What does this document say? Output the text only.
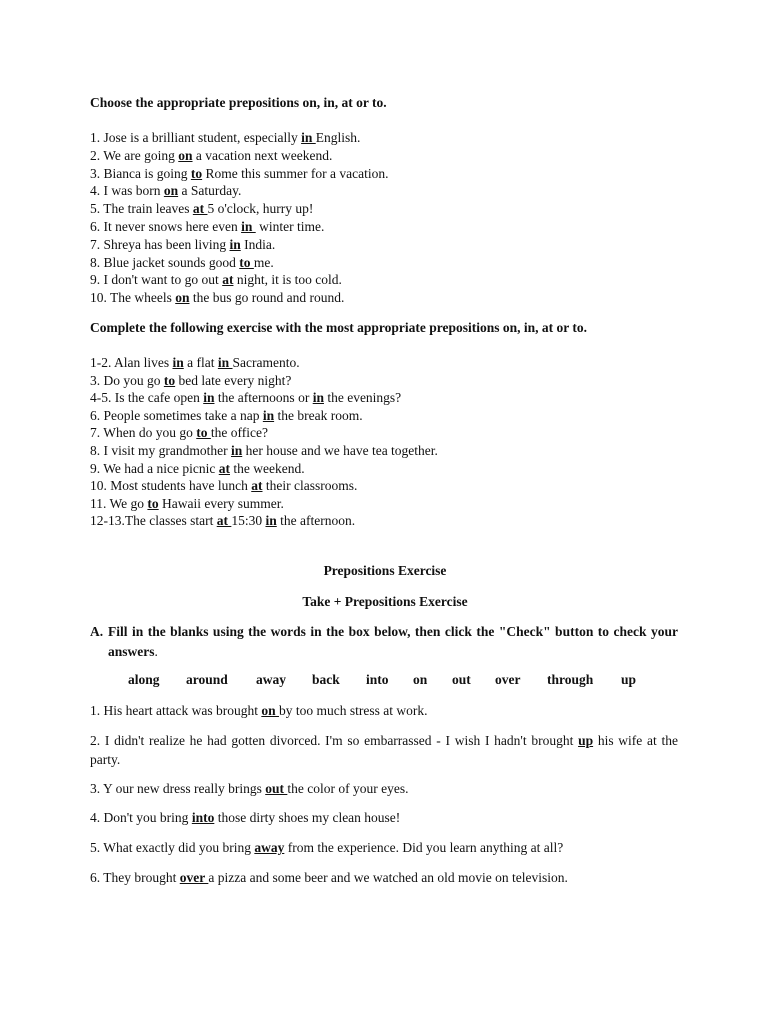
Choose the appropriate prepositions on, in, at or to.
1. Jose is a brilliant student, especially in English.
2. We are going on a vacation next weekend.
3. Bianca is going to Rome this summer for a vacation.
4. I was born on a Saturday.
5. The train leaves at 5 o'clock, hurry up!
6. It never snows here even in  winter time.
7. Shreya has been living in India.
8. Blue jacket sounds good to me.
9. I don't want to go out at night, it is too cold.
10. The wheels on the bus go round and round.
Complete the following exercise with the most appropriate prepositions on, in, at or to.
1-2. Alan lives in a flat in Sacramento.
3. Do you go to bed late every night?
4-5. Is the cafe open in the afternoons or in the evenings?
6. People sometimes take a nap in the break room.
7. When do you go to the office?
8. I visit my grandmother in her house and we have tea together.
9. We had a nice picnic at the weekend.
10. Most students have lunch at their classrooms.
11. We go to Hawaii every summer.
12-13.The classes start at 15:30 in the afternoon.
Prepositions Exercise
Take + Prepositions Exercise
A. Fill in the blanks using the words in the box below, then click the "Check" button to check your answers.
along around away back into on out over through up
1. His heart attack was brought on by too much stress at work.
2. I didn't realize he had gotten divorced. I'm so embarrassed - I wish I hadn't brought up his wife at the party.
3. Y our new dress really brings out the color of your eyes.
4. Don't you bring into those dirty shoes my clean house!
5. What exactly did you bring away from the experience. Did you learn anything at all?
6. They brought over a pizza and some beer and we watched an old movie on television.
